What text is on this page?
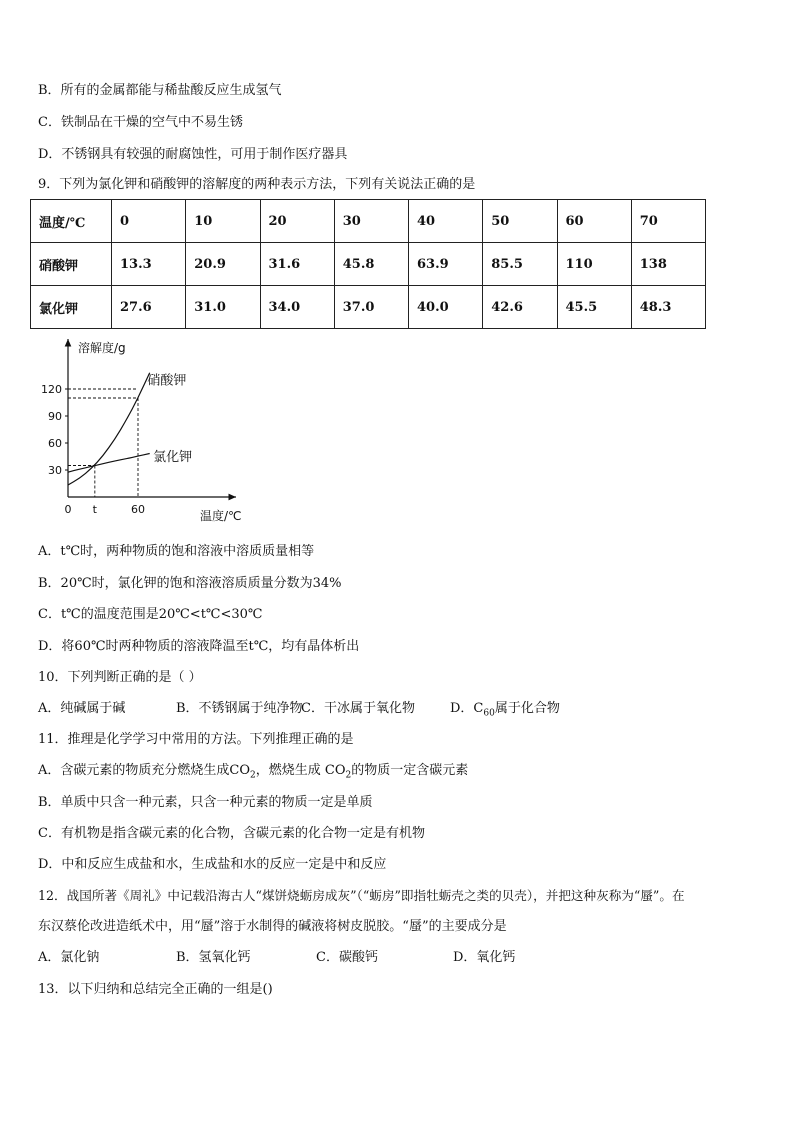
B．所有的金属都能与稀盐酸反应生成氢气
C．铁制品在干燥的空气中不易生锈
D．不锈钢具有较强的耐腐蚀性，可用于制作医疗器具
9．下列为氯化钾和硝酸钾的溶解度的两种表示方法，下列有关说法正确的是
温度/℃	0	10	20	30	40	50	60	70
硝酸钾	13.3	20.9	31.6	45.8	63.9	85.5	110	138
氯化钾	27.6	31.0	34.0	37.0	40.0	42.6	45.5	48.3
溶解度/g
温度/℃
30
60
90
120
0 t	60
硝酸钾
氯化钾
A．t℃时，两种物质的饱和溶液中溶质质量相等
B．20℃时，氯化钾的饱和溶液溶质质量分数为34%
C．t℃的温度范围是20℃<t℃<30℃
D．将60℃时两种物质的溶液降温至t℃，均有晶体析出
10．下列判断正确的是（ ）
A．纯碱属于碱	B．不锈钢属于纯净物
C．干冰属于氧化物	D．$C_{60}$属于化合物
11．推理是化学学习中常用的方法。下列推理正确的是
A．含碳元素的物质充分燃烧生成$CO_2$，燃烧生成 $CO_2$的物质一定含碳元素
B．单质中只含一种元素，只含一种元素的物质一定是单质
C．有机物是指含碳元素的化合物，含碳元素的化合物一定是有机物
D．中和反应生成盐和水，生成盐和水的反应一定是中和反应
12．战国所著《周礼》中记载沿海古人“煤饼烧蛎房成灰”（“蛎房”即指牡蛎壳之类的贝壳），并把这种灰称为“蜃”。在
东汉蔡伦改进造纸术中，用“蜃”溶于水制得的碱液将树皮脱胶。“蜃”的主要成分是
A．氯化钠	B．氢氧化钙	C．碳酸钙	D．氧化钙
13．以下归纳和总结完全正确的一组是()
